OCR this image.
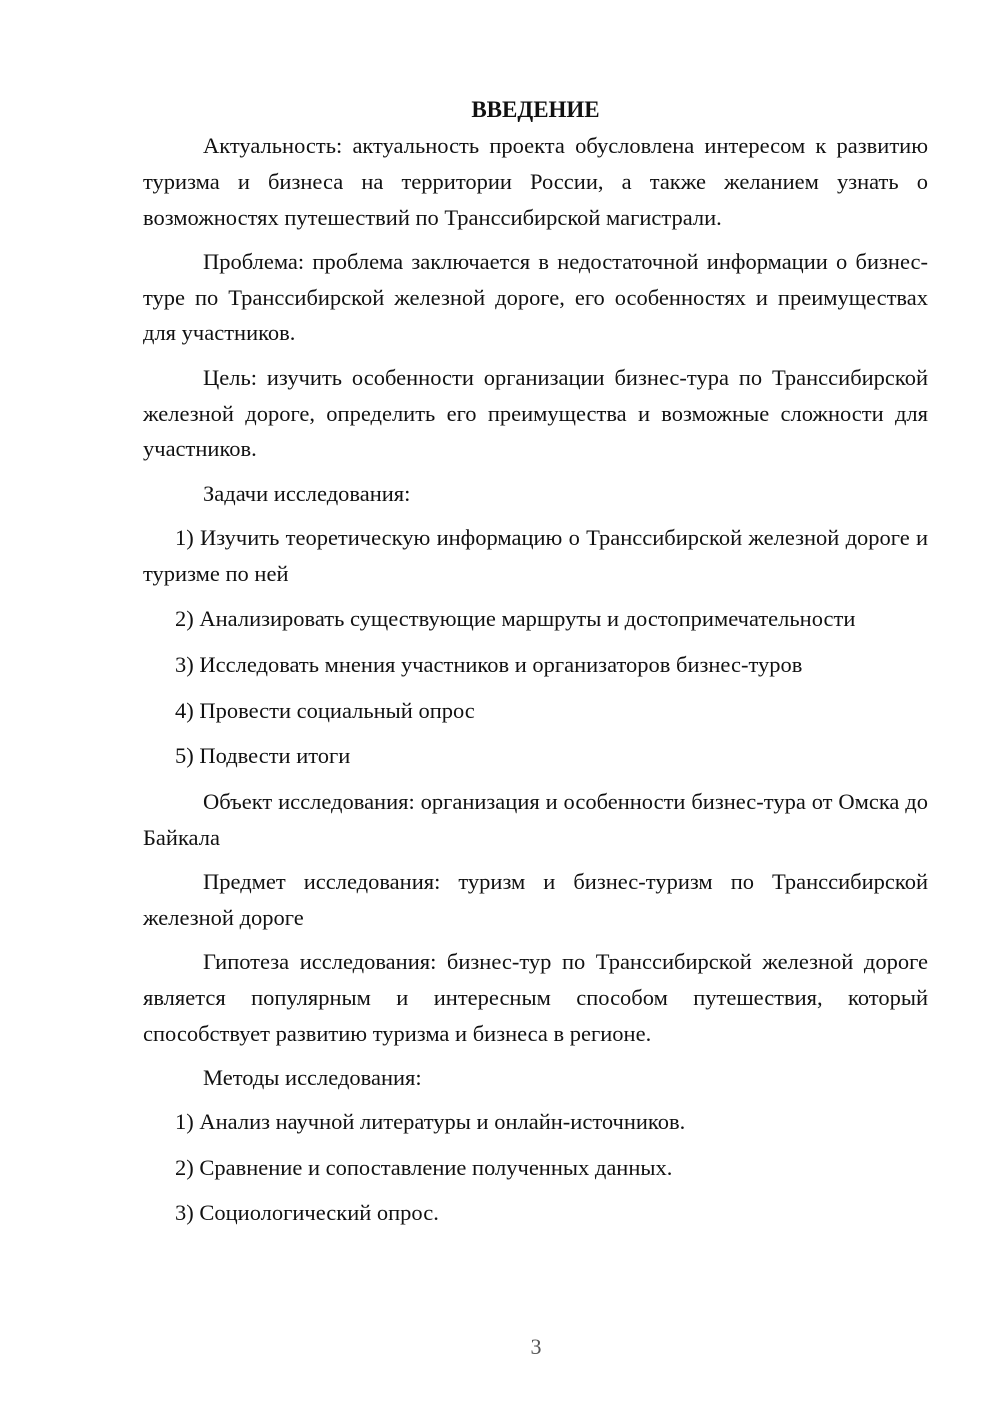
ВВЕДЕНИЕ
Актуальность: актуальность проекта обусловлена интересом к развитию туризма и бизнеса на территории России, а также желанием узнать о возможностях путешествий по Транссибирской магистрали.
Проблема: проблема заключается в недостаточной информации о бизнес-туре по Транссибирской железной дороге, его особенностях и преимуществах для участников.
Цель: изучить особенности организации бизнес-тура по Транссибирской железной дороге, определить его преимущества и возможные сложности для участников.
Задачи исследования:
1) Изучить теоретическую информацию о Транссибирской железной дороге и туризме по ней
2) Анализировать существующие маршруты и достопримечательности
3) Исследовать мнения участников и организаторов бизнес-туров
4) Провести социальный опрос
5) Подвести итоги
Объект исследования: организация и особенности бизнес-тура от Омска до Байкала
Предмет исследования: туризм и бизнес-туризм по Транссибирской железной дороге
Гипотеза исследования: бизнес-тур по Транссибирской железной дороге является популярным и интересным способом путешествия, который способствует развитию туризма и бизнеса в регионе.
Методы исследования:
1) Анализ научной литературы и онлайн-источников.
2) Сравнение и сопоставление полученных данных.
3) Социологический опрос.
3
